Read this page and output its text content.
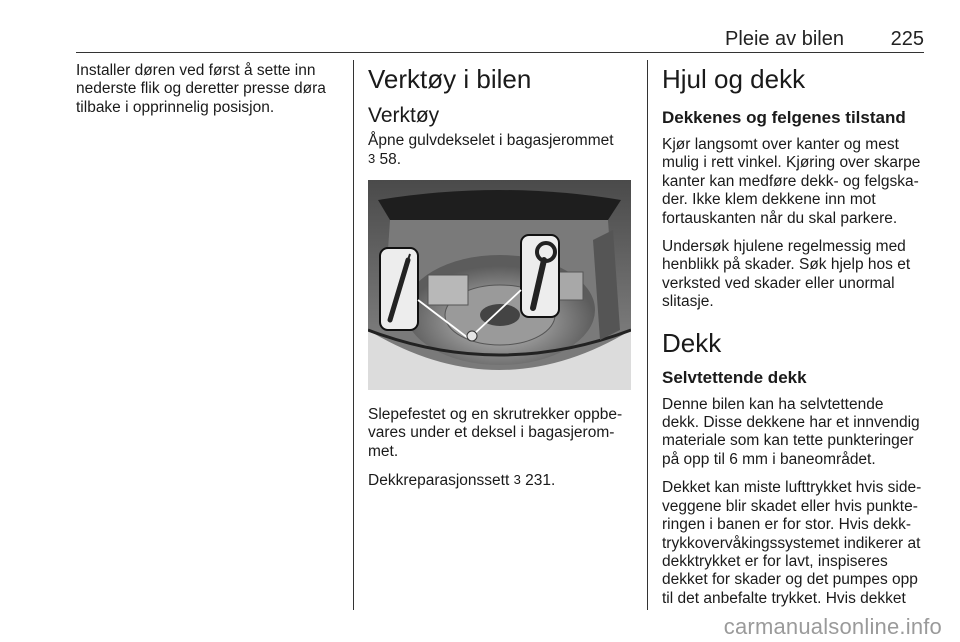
Pleie av bilen 225

Installer døren ved først å sette inn nederste flik og deretter presse døra tilbake i opprinnelig posisjon.

Verktøy i bilen
Verktøy

Åpne gulvdekselet i bagasjerommet
3 58.

Slepefestet og en skrutrekker oppbevares under et deksel i bagasjerommet.

Dekkreparasjonssett 3 231.

Hjul og dekk
Dekkenes og felgenes tilstand

Kjør langsomt over kanter og mest mulig i rett vinkel. Kjøring over skarpe kanter kan medføre dekk- og felgskader. Ikke klem dekkene inn mot fortauskanten når du skal parkere.

Undersøk hjulene regelmessig med henblikk på skader. Søk hjelp hos et verksted ved skader eller unormal slitasje.

Dekk
Selvtettende dekk

Denne bilen kan ha selvtettende dekk. Disse dekkene har et innvendig materiale som kan tette punkteringer på opp til 6 mm i baneområdet.

Dekket kan miste lufttrykket hvis sideveggene blir skadet eller hvis punkteringen i banen er for stor. Hvis dekktrykkovervåkingssystemet indikerer at dekktrykket er for lavt, inspiseres dekket for skader og det pumpes opp til det anbefalte trykket. Hvis dekket

carmanualsonline.info
